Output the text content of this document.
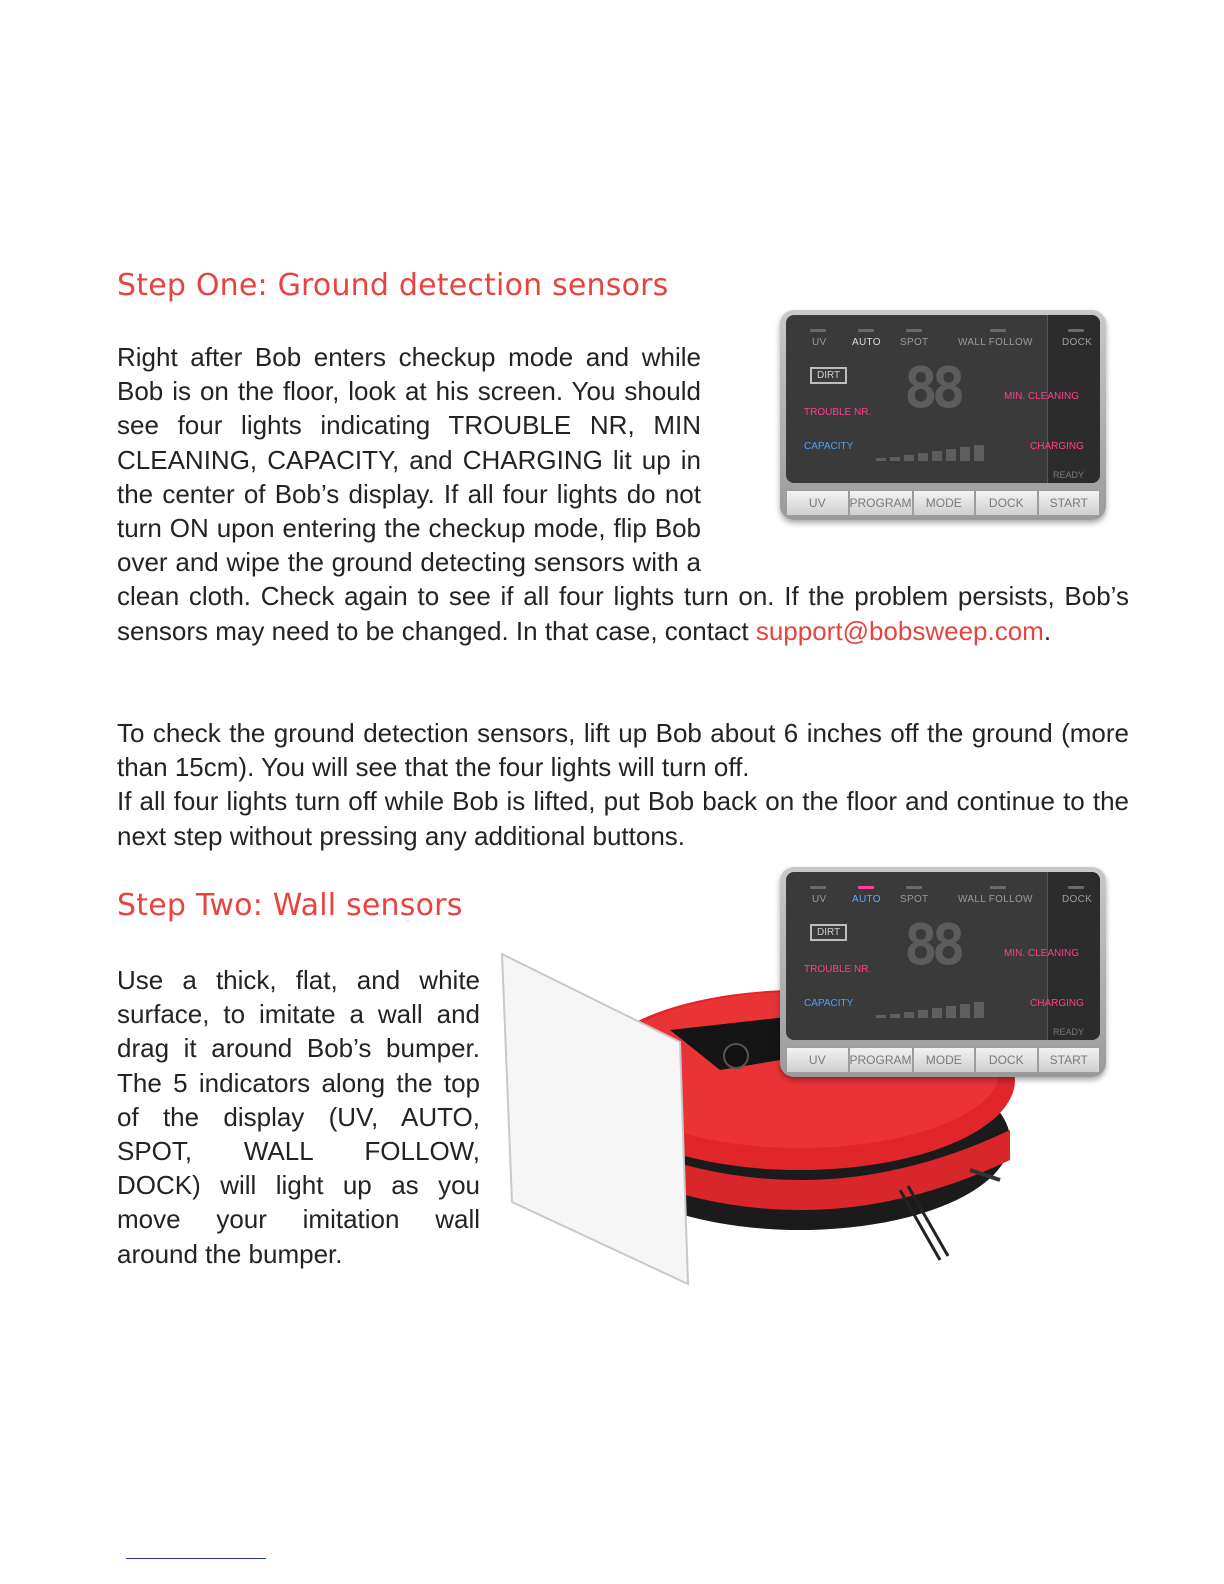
Step One: Ground detection sensors
UV	AUTO SPOT	WALL FOLLOW	DOCK
DIRT 88
TROUBLE NR.
MIN. CLEANING
CAPACITY	CHARGING
READY
UV	PROGRAM	MODE	DOCK	START
Right after Bob enters checkup mode and while Bob is on the floor, look at his screen. You should see four lights indicating TROUBLE NR, MIN CLEANING, CAPACITY, and CHARGING lit up in the center of Bob’s display. If all four lights do not turn ON upon entering the checkup mode, flip Bob over and wipe the ground detecting sensors with a clean cloth. Check again to see if all four lights turn on. If the problem persists, Bob’s sensors may need to be changed. In that case, contact support@bobsweep.com.
To check the ground detection sensors, lift up Bob about 6 inches off the ground (more than 15cm). You will see that the four lights will turn off.
If all four lights turn off while Bob is lifted, put Bob back on the floor and continue to the next step without pressing any additional buttons.
Step Two: Wall sensors
Use a thick, flat, and white surface, to imitate a wall and drag it around Bob’s bumper. The 5 indicators along the top of the display (UV, AUTO, SPOT, WALL FOLLOW, DOCK) will light up as you move your imitation wall around the bumper.
UV	AUTO SPOT	WALL FOLLOW	DOCK
DIRT 88
TROUBLE NR.
MIN. CLEANING
CAPACITY	CHARGING
READY
UV	PROGRAM	MODE	DOCK	START
